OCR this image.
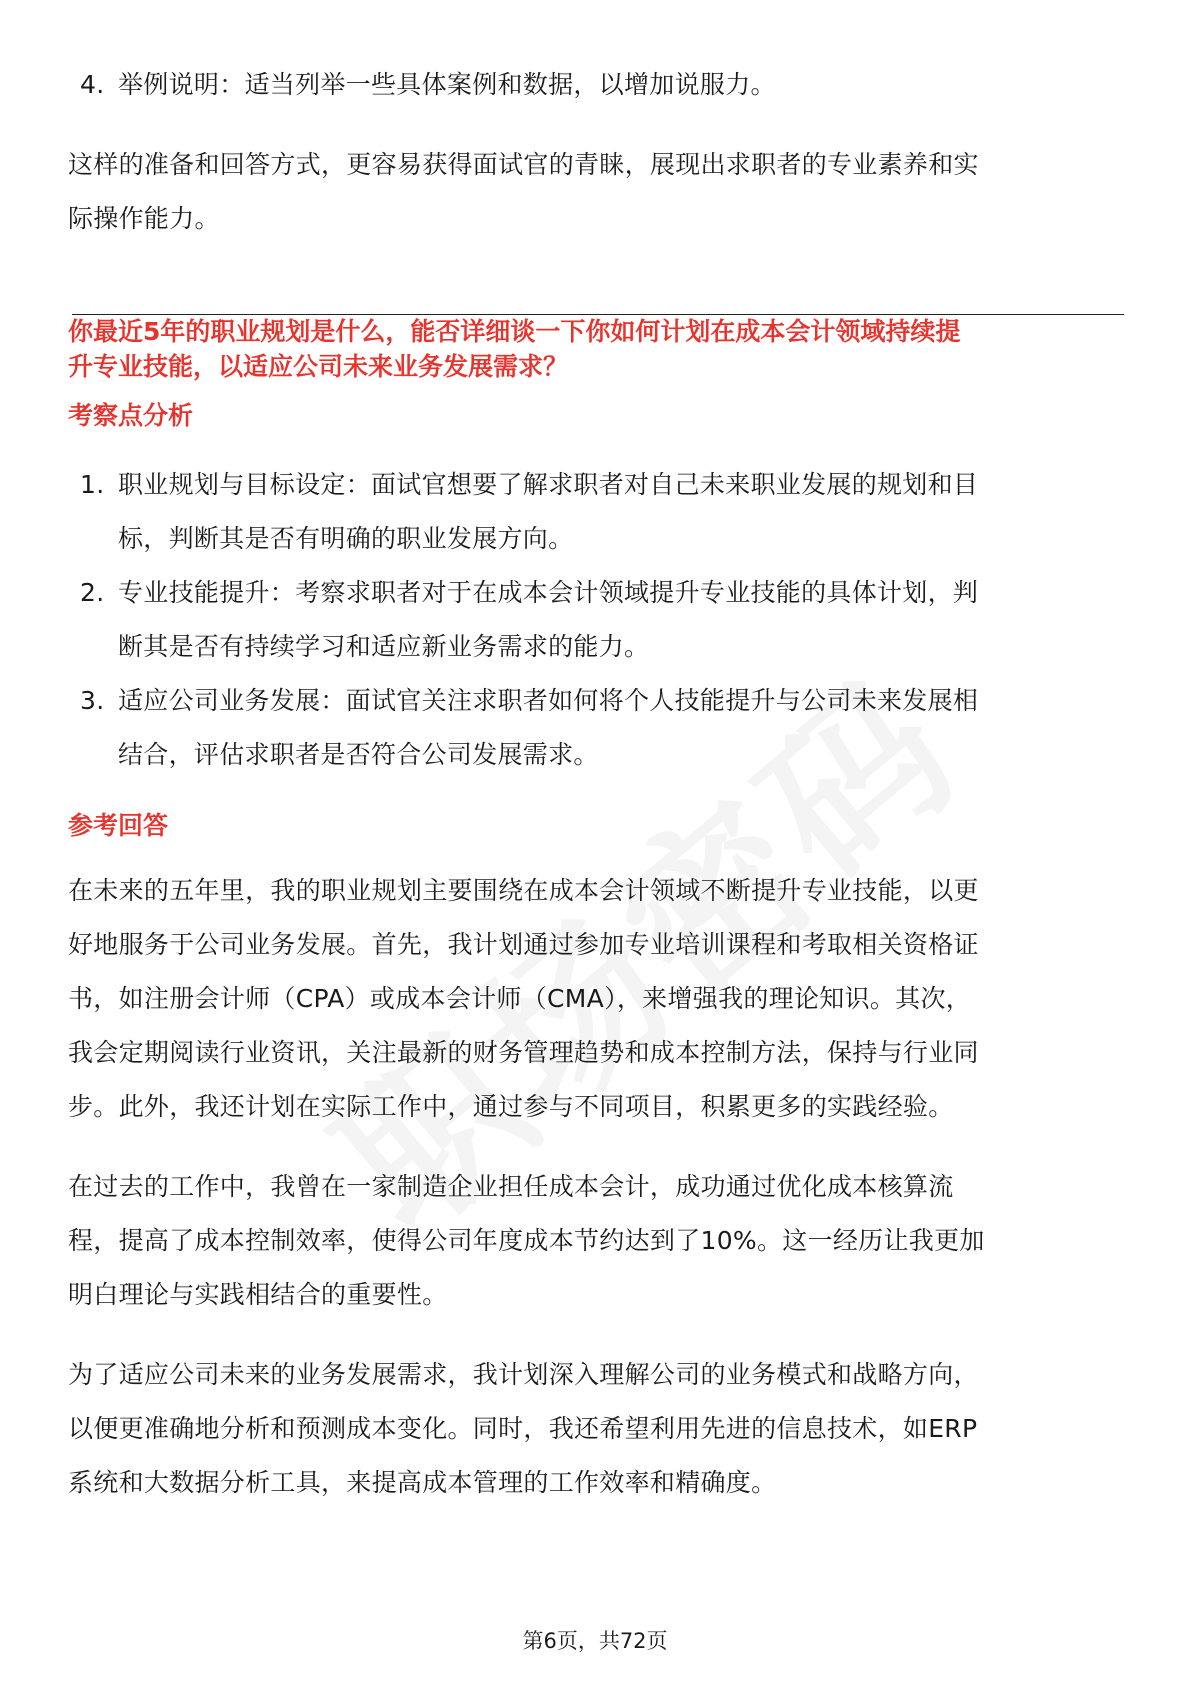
4. 举例说明：适当列举一些具体案例和数据，以增加说服力。
这样的准备和回答方式，更容易获得面试官的青睐，展现出求职者的专业素养和实
际操作能力。
你最近5年的职业规划是什么，能否详细谈一下你如何计划在成本会计领域持续提
升专业技能，以适应公司未来业务发展需求？
考察点分析
1. 职业规划与目标设定：面试官想要了解求职者对自己未来职业发展的规划和目
标，判断其是否有明确的职业发展方向。
2. 专业技能提升：考察求职者对于在成本会计领域提升专业技能的具体计划，判
断其是否有持续学习和适应新业务需求的能力。
3. 适应公司业务发展：面试官关注求职者如何将个人技能提升与公司未来发展相
结合，评估求职者是否符合公司发展需求。
参考回答
在未来的五年里，我的职业规划主要围绕在成本会计领域不断提升专业技能，以更
好地服务于公司业务发展。首先，我计划通过参加专业培训课程和考取相关资格证
书，如注册会计师（CPA）或成本会计师（CMA），来增强我的理论知识。其次，
我会定期阅读行业资讯，关注最新的财务管理趋势和成本控制方法，保持与行业同
步。此外，我还计划在实际工作中，通过参与不同项目，积累更多的实践经验。
在过去的工作中，我曾在一家制造企业担任成本会计，成功通过优化成本核算流
程，提高了成本控制效率，使得公司年度成本节约达到了10%。这一经历让我更加
明白理论与实践相结合的重要性。
为了适应公司未来的业务发展需求，我计划深入理解公司的业务模式和战略方向，
以便更准确地分析和预测成本变化。同时，我还希望利用先进的信息技术，如ERP
系统和大数据分析工具，来提高成本管理的工作效率和精确度。
第6页，共72页
